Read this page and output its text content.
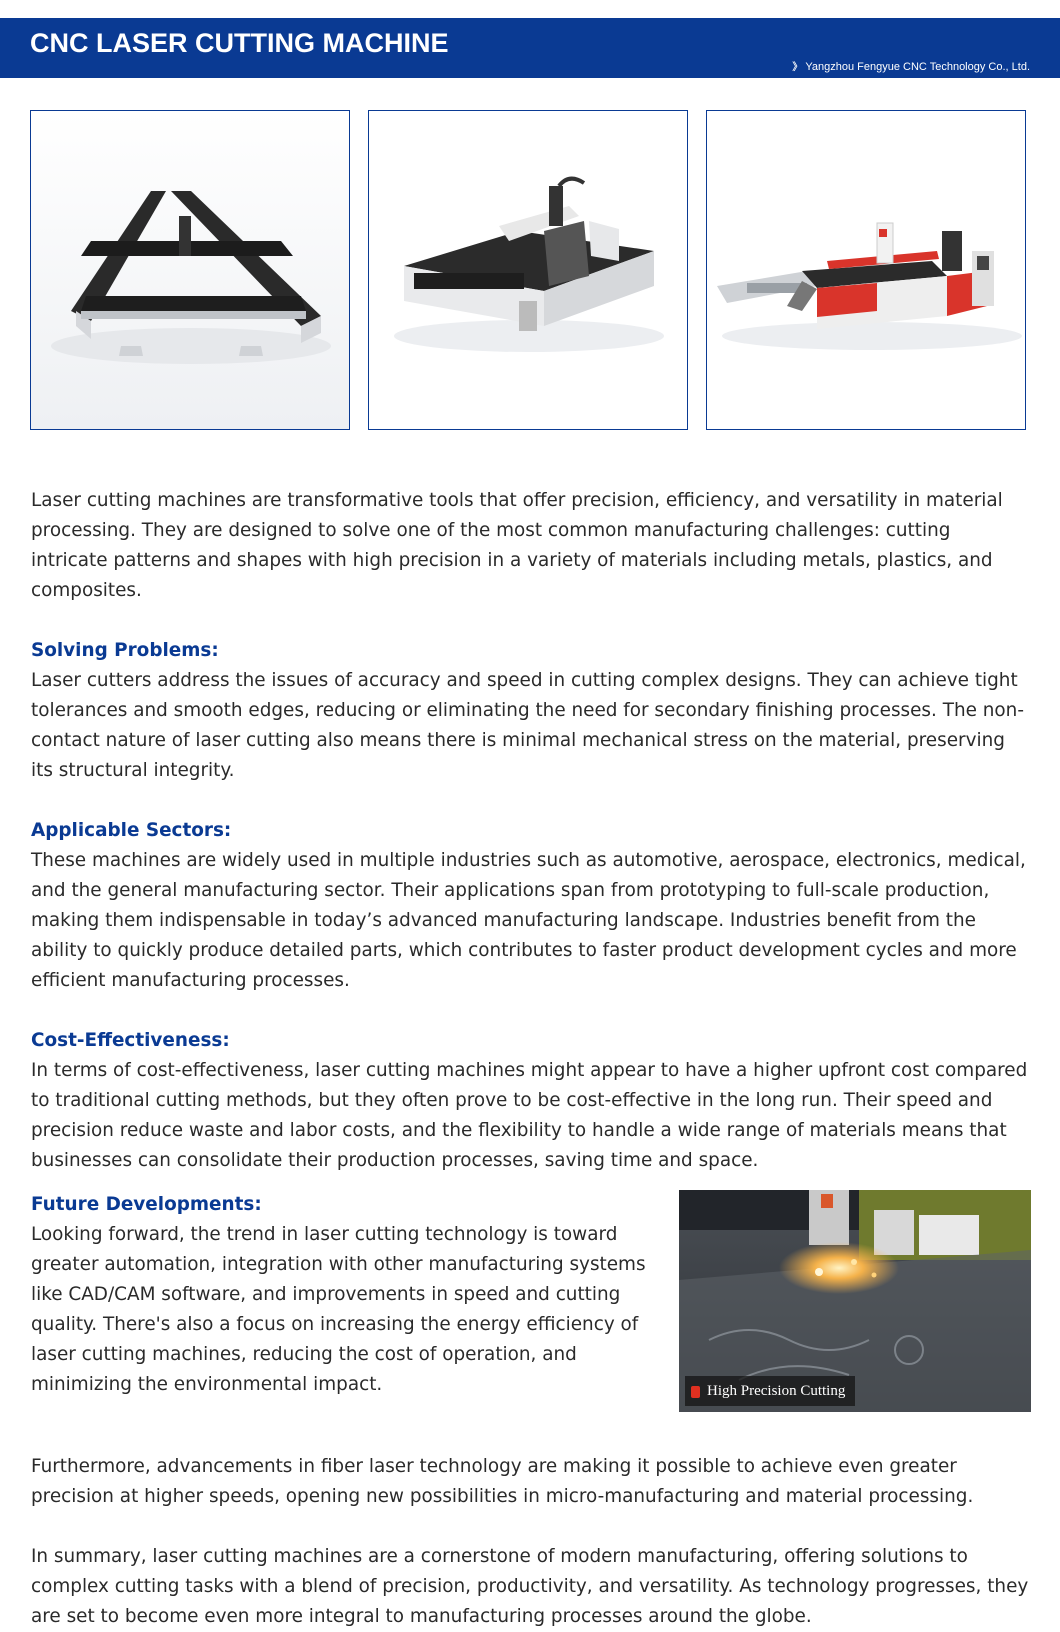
CNC LASER CUTTING MACHINE
》 Yangzhou Fengyue CNC Technology Co., Ltd.

Laser cutting machines are transformative tools that offer precision, efficiency, and versatility in material processing. They are designed to solve one of the most common manufacturing challenges: cutting intricate patterns and shapes with high precision in a variety of materials including metals, plastics, and composites.

Solving Problems:

Laser cutters address the issues of accuracy and speed in cutting complex designs. They can achieve tight tolerances and smooth edges, reducing or eliminating the need for secondary finishing processes. The non-contact nature of laser cutting also means there is minimal mechanical stress on the material, preserving its structural integrity.

Applicable Sectors:

These machines are widely used in multiple industries such as automotive, aerospace, electronics, medical, and the general manufacturing sector. Their applications span from prototyping to full-scale production, making them indispensable in today’s advanced manufacturing landscape. Industries benefit from the ability to quickly produce detailed parts, which contributes to faster product development cycles and more efficient manufacturing processes.

Cost-Effectiveness:

In terms of cost-effectiveness, laser cutting machines might appear to have a higher upfront cost compared to traditional cutting methods, but they often prove to be cost-effective in the long run. Their speed and precision reduce waste and labor costs, and the flexibility to handle a wide range of materials means that businesses can consolidate their production processes, saving time and space.

High Precision Cutting

Future Developments:

Looking forward, the trend in laser cutting technology is toward greater automation, integration with other manufacturing systems like CAD/CAM software, and improvements in speed and cutting quality. There's also a focus on increasing the energy efficiency of laser cutting machines, reducing the cost of operation, and minimizing the environmental impact.

Furthermore, advancements in fiber laser technology are making it possible to achieve even greater precision at higher speeds, opening new possibilities in micro-manufacturing and material processing.

In summary, laser cutting machines are a cornerstone of modern manufacturing, offering solutions to complex cutting tasks with a blend of precision, productivity, and versatility. As technology progresses, they are set to become even more integral to manufacturing processes around the globe.
